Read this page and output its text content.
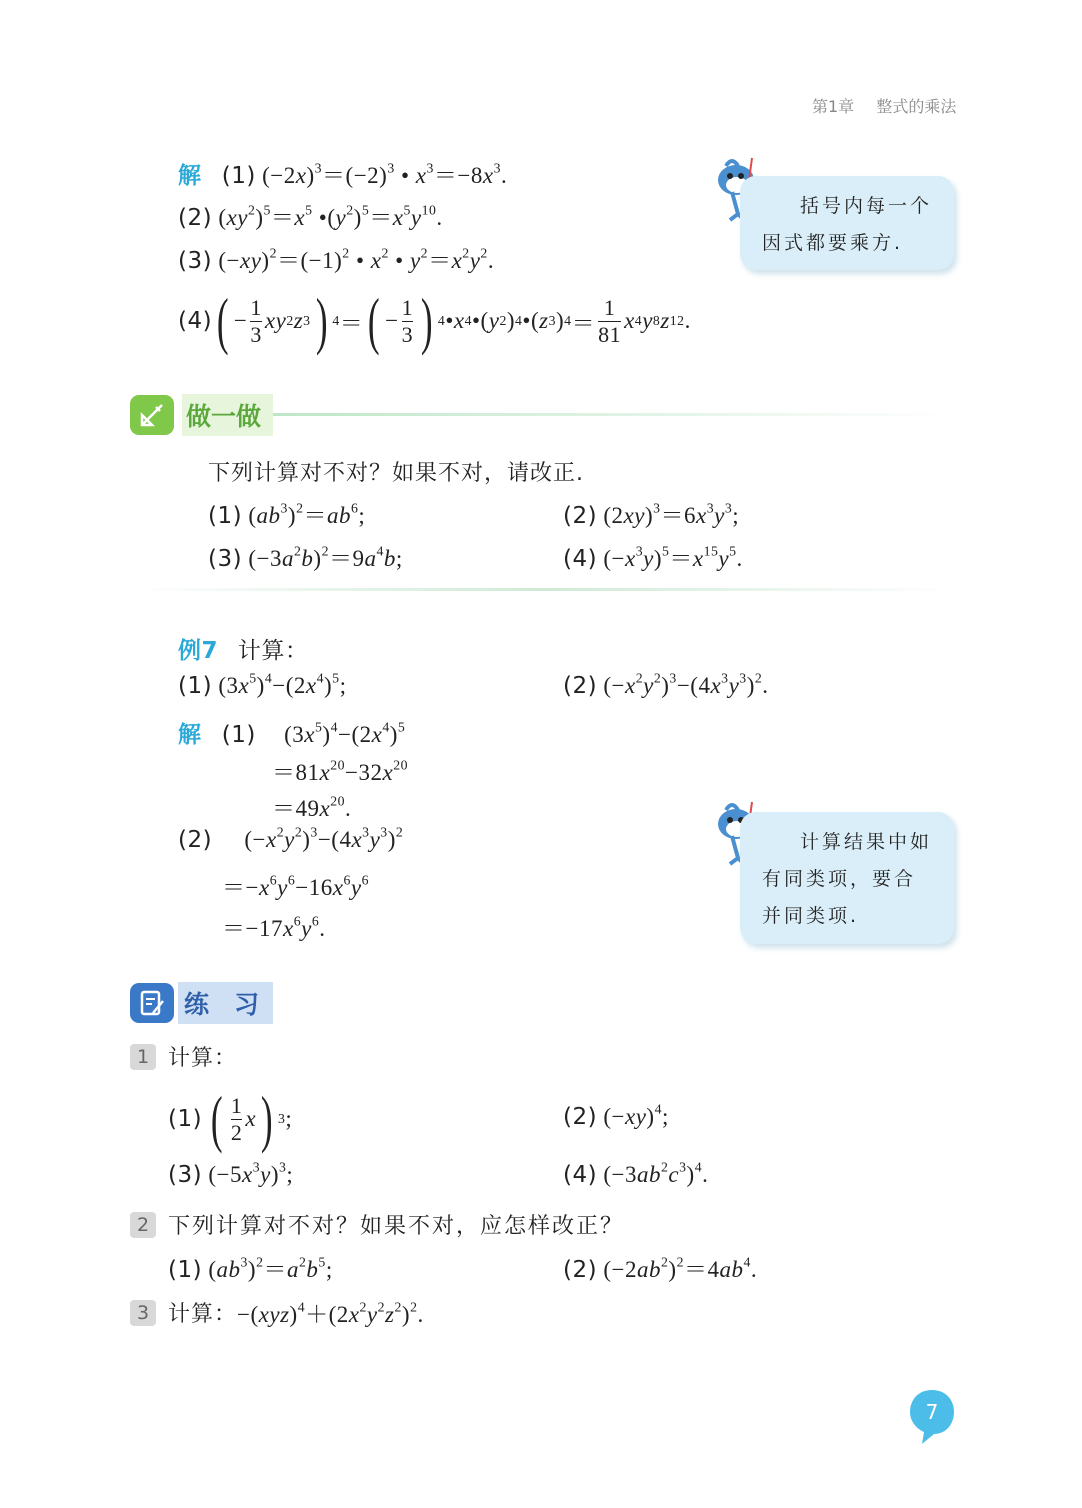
第1章 整式的乘法
解 (1) $(-2x)^3=(-2)^3$ • $x^3=-8x^3$.
(2) $(xy^2)^5=x^5$ $•(y^2)^5=x^5y^{10}$.
(3) $(-xy)^2=(-1)^2$ • $x^2$ • $y^2=x^2y^2$.
(4) ( − $\frac{1}{3}$ xy 2 z 3 ) 4 ＝ ( − $\frac{1}{3}$ ) 4 • x 4 •( y 2 ) 4 •( z 3 ) $4 = \frac{1}{81}$ x 4 y 8 z 12 .
括号内每一个因式都要乘方.
做一做
下列计算对不对？如果不对，请改正.
(1) $(ab^3)^2=ab^6$;	(2) $(2xy)^3=6x^3y^3$;
(3) $(-3a^2b)^2=9a^4b$;	(4) $(-x^3y)^5=x^{15}y^5$.
例7 计算：
(1) $(3x^5)^4-(2x^4)^5$;	(2) $(-x^2y^2)^3-(4x^3y^3)^2$.
解 (1) $(3x^5)^4-(2x^4)^5$
$=81x^{20}-32x^{20}$
$=49x^{20}$.
(2) $(-x^2y^2)^3-(4x^3y^3)^2$
$=-x^6y^6-16x^6y^6$
$=-17x^6y^6$.
计算结果中如有同类项，要合并同类项.
练　习
1 计算：
(1) ( $\frac{1}{2}$ x ) 3 ;	(2) $(-xy)^4$;
(3) $(-5x^3y)^3$;	(4) $(-3ab^2c^3)^4$.
2 下列计算对不对？如果不对，应怎样改正？
(1) $(ab^3)^2=a^2b^5$;	(2) $(-2ab^2)^2=4ab^4$.
3 计算： $-(xyz)^4+(2x^2y^2z^2)^2$.
7
